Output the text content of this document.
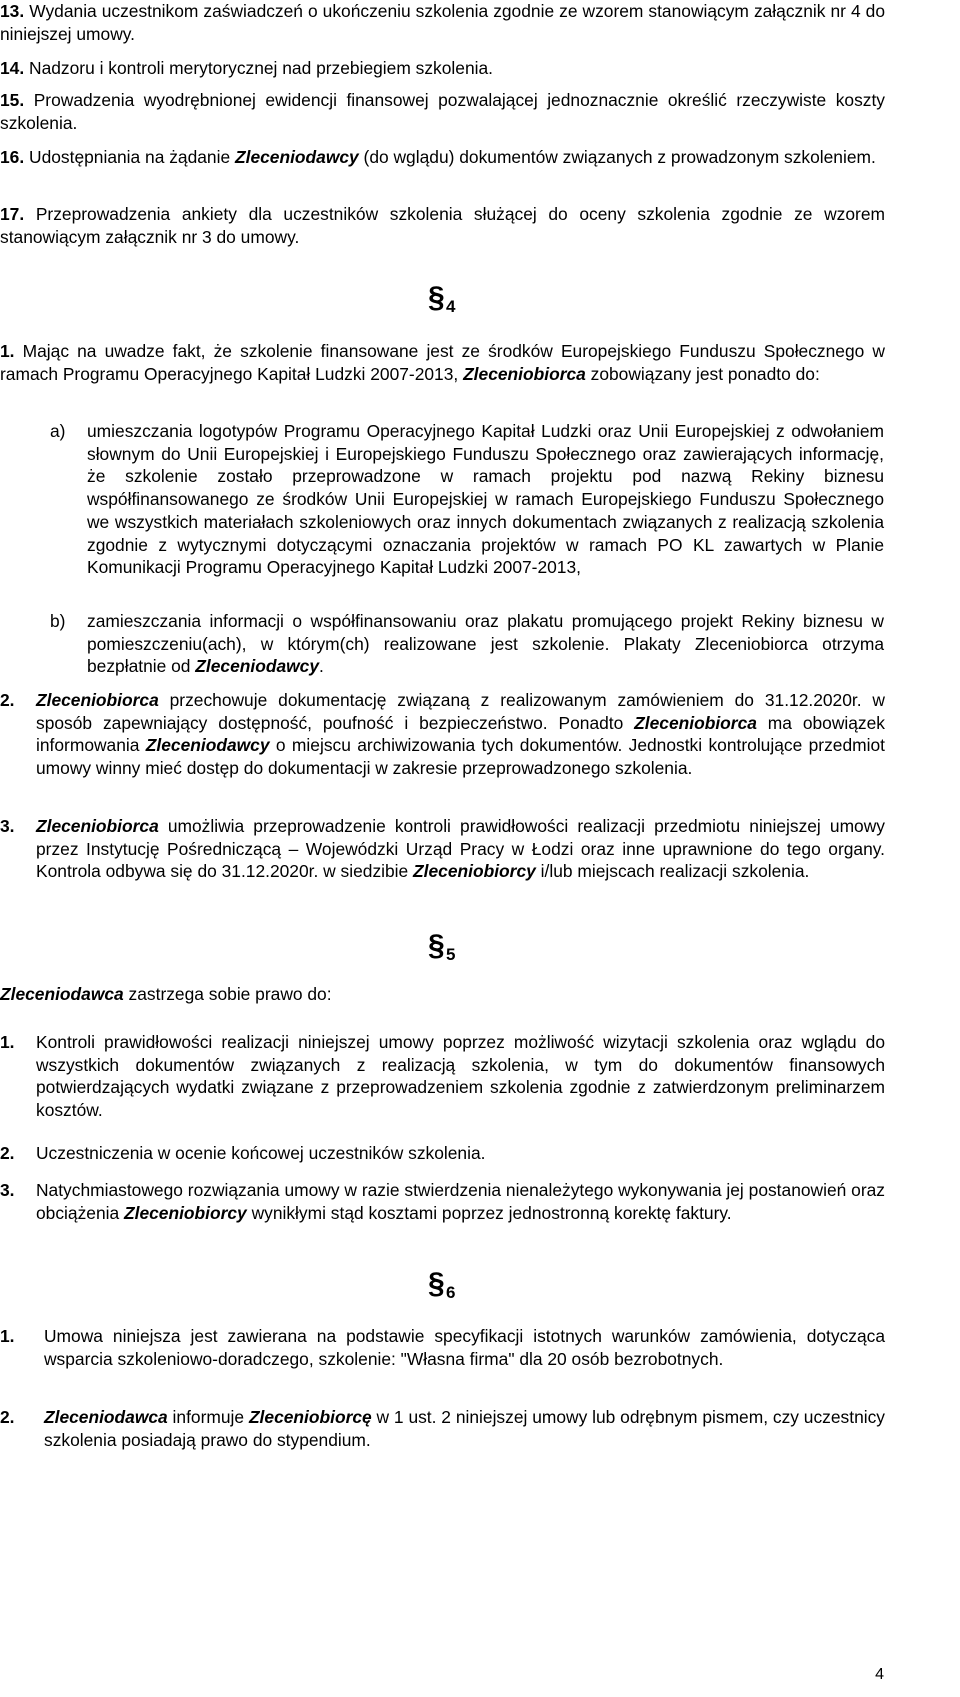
13. Wydania uczestnikom zaświadczeń o ukończeniu szkolenia zgodnie ze wzorem stanowiącym załącznik nr 4 do niniejszej umowy.
14. Nadzoru i kontroli merytorycznej nad przebiegiem szkolenia.
15. Prowadzenia wyodrębnionej ewidencji finansowej pozwalającej jednoznacznie określić rzeczywiste koszty szkolenia.
16. Udostępniania na żądanie Zleceniodawcy (do wglądu) dokumentów związanych z prowadzonym szkoleniem.
17. Przeprowadzenia ankiety dla uczestników szkolenia służącej do oceny szkolenia zgodnie ze wzorem stanowiącym załącznik nr 3 do umowy.
§ 4
1. Mając na uwadze fakt, że szkolenie finansowane jest ze środków Europejskiego Funduszu Społecznego w ramach Programu Operacyjnego Kapitał Ludzki 2007-2013, Zleceniobiorca zobowiązany jest ponadto do:
a) umieszczania logotypów Programu Operacyjnego Kapitał Ludzki oraz Unii Europejskiej z odwołaniem słownym do Unii Europejskiej i Europejskiego Funduszu Społecznego oraz zawierających informację, że szkolenie zostało przeprowadzone w ramach projektu pod nazwą Rekiny biznesu współfinansowanego ze środków Unii Europejskiej w ramach Europejskiego Funduszu Społecznego we wszystkich materiałach szkoleniowych oraz innych dokumentach związanych z realizacją szkolenia zgodnie z wytycznymi dotyczącymi oznaczania projektów w ramach PO KL zawartych w Planie Komunikacji Programu Operacyjnego Kapitał Ludzki 2007-2013,
b) zamieszczania informacji o współfinansowaniu oraz plakatu promującego projekt Rekiny biznesu w pomieszczeniu(ach), w którym(ch) realizowane jest szkolenie. Plakaty Zleceniobiorca otrzyma bezpłatnie od Zleceniodawcy.
2. Zleceniobiorca przechowuje dokumentację związaną z realizowanym zamówieniem do 31.12.2020r. w sposób zapewniający dostępność, poufność i bezpieczeństwo. Ponadto Zleceniobiorca ma obowiązek informowania Zleceniodawcy o miejscu archiwizowania tych dokumentów. Jednostki kontrolujące przedmiot umowy winny mieć dostęp do dokumentacji w zakresie przeprowadzonego szkolenia.
3. Zleceniobiorca umożliwia przeprowadzenie kontroli prawidłowości realizacji przedmiotu niniejszej umowy przez Instytucję Pośredniczącą – Wojewódzki Urząd Pracy w Łodzi oraz inne uprawnione do tego organy. Kontrola odbywa się do 31.12.2020r. w siedzibie Zleceniobiorcy i/lub miejscach realizacji szkolenia.
§ 5
Zleceniodawca zastrzega sobie prawo do:
1. Kontroli prawidłowości realizacji niniejszej umowy poprzez możliwość wizytacji szkolenia oraz wglądu do wszystkich dokumentów związanych z realizacją szkolenia, w tym do dokumentów finansowych potwierdzających wydatki związane z przeprowadzeniem szkolenia zgodnie z zatwierdzonym preliminarzem kosztów.
2. Uczestniczenia w ocenie końcowej uczestników szkolenia.
3. Natychmiastowego rozwiązania umowy w razie stwierdzenia nienależytego wykonywania jej postanowień oraz obciążenia Zleceniobiorcy wynikłymi stąd kosztami poprzez jednostronną korektę faktury.
§ 6
1. Umowa niniejsza jest zawierana na podstawie specyfikacji istotnych warunków zamówienia, dotycząca wsparcia szkoleniowo-doradczego, szkolenie: "Własna firma" dla 20 osób bezrobotnych.
2. Zleceniodawca informuje Zleceniobiorcę w 1 ust. 2 niniejszej umowy lub odrębnym pismem, czy uczestnicy szkolenia posiadają prawo do stypendium.
4
